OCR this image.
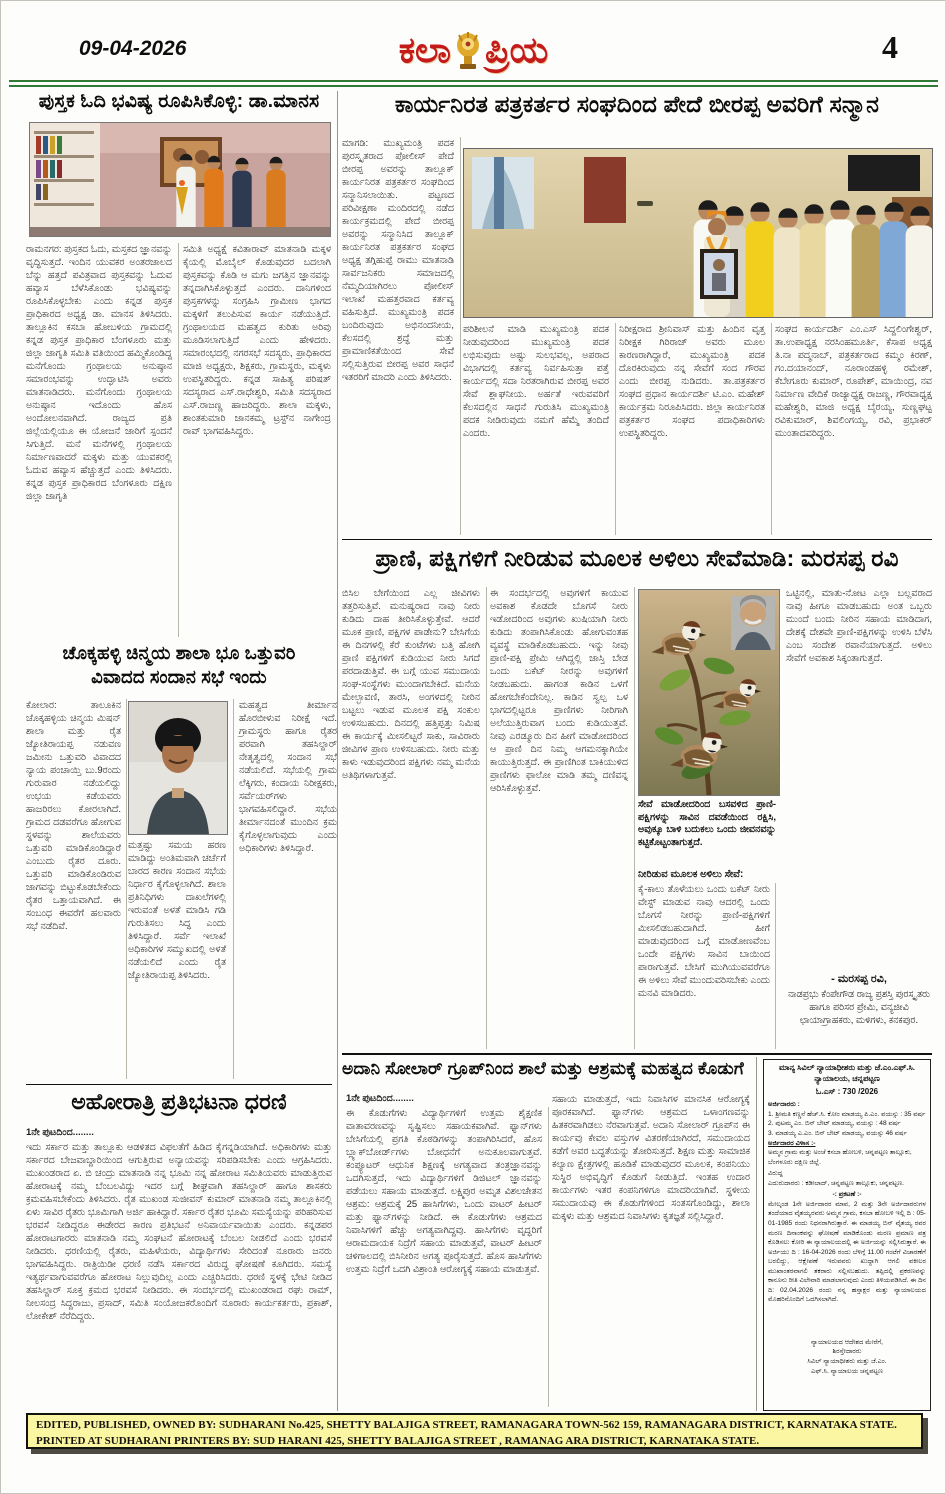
09-04-2026	ಕಲಾ ಪ್ರಿಯ	4
ಪುಸ್ತಕ ಓದಿ ಭವಿಷ್ಯ ರೂಪಿಸಿಕೊಳ್ಳಿ: ಡಾ.ಮಾನಸ
ರಾಮನಗರ: ಪುಸ್ತಕದ ಓದು, ಮಸ್ತಕದ ಜ್ಞಾನವನ್ನು ವೃದ್ಧಿಸುತ್ತದೆ. ಇಂದಿನ ಯುವಕರ ಅಂತರಜಾಲದ ಬೆನ್ನು ಹತ್ತದೆ ಪವಿತ್ರವಾದ ಪುಸ್ತಕವನ್ನು ಓದುವ ಹವ್ಯಾಸ ಬೆಳೆಸಿಕೊಂಡು ಭವಿಷ್ಯವನ್ನು ರೂಪಿಸಿಕೊಳ್ಳಬೇಕು ಎಂದು ಕನ್ನಡ ಪುಸ್ತಕ ಪ್ರಾಧಿಕಾರದ ಅಧ್ಯಕ್ಷ ಡಾ. ಮಾನಸ ತಿಳಿಸಿದರು. ತಾಲ್ಲೂಕಿನ ಕಸಬಾ ಹೋಬಳಿಯ ಗ್ರಾಮದಲ್ಲಿ ಕನ್ನಡ ಪುಸ್ತಕ ಪ್ರಾಧಿಕಾರ ಬೆಂಗಳೂರು ಮತ್ತು ಜಿಲ್ಲಾ ಜಾಗೃತಿ ಸಮಿತಿ ವತಿಯಿಂದ ಹಮ್ಮಿಕೊಂಡಿದ್ದ ಮನೆಗೊಂದು ಗ್ರಂಥಾಲಯ ಅನುಷ್ಠಾನ ಸಮಾರಂಭವನ್ನು ಉದ್ಘಾಟಿಸಿ ಅವರು ಮಾತನಾಡಿದರು. ಮನೆಗೊಂದು ಗ್ರಂಥಾಲಯ ಅನುಷ್ಠಾನ ಇದೊಂದು ಹೊಸ ಅಂದೋಲನವಾಗಿದೆ. ರಾಜ್ಯದ ಪ್ರತಿ ಜಿಲ್ಲೆಯಲ್ಲಿಯೂ ಈ ಯೋಜನೆ ಜಾರಿಗೆ ಸ್ಪಂದನೆ ಸಿಗುತ್ತಿದೆ. ಮನೆ ಮನೆಗಳಲ್ಲಿ ಗ್ರಂಥಾಲಯ ನಿರ್ಮಾಣವಾದರೆ ಮಕ್ಕಳು ಮತ್ತು ಯುವಕರಲ್ಲಿ ಓದುವ ಹವ್ಯಾಸ ಹೆಚ್ಚುತ್ತದೆ ಎಂದು ತಿಳಿಸಿದರು. ಕನ್ನಡ ಪುಸ್ತಕ ಪ್ರಾಧಿಕಾರದ ಬೆಂಗಳೂರು ದಕ್ಷಿಣ ಜಿಲ್ಲಾ ಜಾಗೃತಿ
ಸಮಿತಿ ಅಧ್ಯಕ್ಷೆ ಕವಿತಾರಾವ್ ಮಾತನಾಡಿ ಮಕ್ಕಳ ಕೈಯಲ್ಲಿ ಮೊಬೈಲ್ ಕೊಡುವುದರ ಬದಲಾಗಿ ಪುಸ್ತಕವನ್ನು ಕೊಡಿ ಆ ಮಗು ಜಗತ್ತಿನ ಜ್ಞಾನವನ್ನು ತನ್ನದಾಗಿಸಿಕೊಳ್ಳುತ್ತದೆ ಎಂದರು. ದಾನಿಗಳಿಂದ ಪುಸ್ತಕಗಳನ್ನು ಸಂಗ್ರಹಿಸಿ ಗ್ರಾಮೀಣ ಭಾಗದ ಮಕ್ಕಳಿಗೆ ತಲುಪಿಸುವ ಕಾರ್ಯ ನಡೆಯುತ್ತಿದೆ. ಗ್ರಂಥಾಲಯದ ಮಹತ್ವದ ಕುರಿತು ಅರಿವು ಮೂಡಿಸಲಾಗುತ್ತಿದೆ ಎಂದು ಹೇಳಿದರು. ಸಮಾರಂಭದಲ್ಲಿ ನಗರಸಭೆ ಸದಸ್ಯರು, ಪ್ರಾಧಿಕಾರದ ಮಾಜಿ ಅಧ್ಯಕ್ಷರು, ಶಿಕ್ಷಕರು, ಗ್ರಾಮಸ್ಥರು, ಮಕ್ಕಳು ಉಪಸ್ಥಿತರಿದ್ದರು. ಕನ್ನಡ ಸಾಹಿತ್ಯ ಪರಿಷತ್ ಸದಸ್ಯರಾದ ಎಸ್.ರಾಧೇಶ್ವರಿ, ಸಮಿತಿ ಸದಸ್ಯರಾದ ಎಸ್.ರಾಜಣ್ಣ ಹಾಜರಿದ್ದರು. ಶಾಲಾ ಮಕ್ಕಳು, ಶಾಂತಕುಮಾರಿ ಜಾನಕಮ್ಮ ಟ್ರಸ್ಟ್‌ನ ನಾಗೇಂದ್ರ ರಾವ್ ಭಾಗವಹಿಸಿದ್ದರು.
ಚೊಕ್ಕಹಳ್ಳಿ ಚಿನ್ಮಯ ಶಾಲಾ ಭೂ ಒತ್ತುವರಿ
ವಿವಾದದ ಸಂದಾನ ಸಭೆ ಇಂದು
ಕೋಲಾರ: ತಾಲೂಕಿನ ಚೊಕ್ಕಹಳ್ಳಿಯ ಚಿನ್ಮಯ ಮಿಷನ್ ಶಾಲಾ ಮತ್ತು ರೈತ ಜ್ಯೋತಿರಾಯಪ್ಪ ನಡುವಣ ಜಮೀನು ಒತ್ತುವರಿ ವಿವಾದದ ನ್ಯಾಯ ಪಂಚಾಯ್ತಿ ಬು.9ರಂದು ಗುರುವಾರ ನಡೆಯಲಿದ್ದು ಉಭಯ ಕಡೆಯವರು ಹಾಜರಿರಲು ಕೋರಲಾಗಿದೆ. ಗ್ರಾಮದ ದಡವರೆಗೂ ಹೋಗುವ ಸ್ಥಳವನ್ನು ಶಾಲೆಯವರು ಒತ್ತುವರಿ ಮಾಡಿಕೊಂಡಿದ್ದಾರೆ ಎಂಬುದು ರೈತರ ದೂರು. ಒತ್ತುವರಿ ಮಾಡಿಕೊಂಡಿರುವ ಜಾಗವನ್ನು ಬಿಟ್ಟುಕೊಡಬೇಕೆಂದು ರೈತರ ಒತ್ತಾಯವಾಗಿದೆ. ಈ ಸಂಬಂಧ ಈವರೆಗೆ ಹಲವಾರು ಸಭೆ ನಡೆದಿವೆ.
ಮತ್ತಷ್ಟು ಸಮಯ ಹರಣ ಮಾಡಿದ್ದು ಅಂತಿಮವಾಗಿ ಚರ್ಚೆಗೆ ಬಾರದ ಕಾರಣ ಸಂದಾನ ಸಭೆಯ ನಿರ್ಧಾರ ಕೈಗೊಳ್ಳಲಾಗಿದೆ. ಶಾಲಾ ಪ್ರತಿನಿಧಿಗಳು ದಾಖಲೆಗಳಲ್ಲಿ ಇರುವಂತೆ ಅಳತೆ ಮಾಡಿಸಿ ಗಡಿ ಗುರುತಿಸಲು ಸಿದ್ಧ ಎಂದು ತಿಳಿಸಿದ್ದಾರೆ. ಸರ್ವೆ ಇಲಾಖೆ ಅಧಿಕಾರಿಗಳ ಸಮ್ಮುಖದಲ್ಲಿ ಅಳತೆ ನಡೆಯಲಿದೆ ಎಂದು ರೈತ ಜ್ಯೋತಿರಾಯಪ್ಪ ತಿಳಿಸಿದರು.
ಮಹತ್ವದ ತೀರ್ಮಾನ ಹೊರಬೀಳುವ ನಿರೀಕ್ಷೆ ಇದೆ. ಗ್ರಾಮಸ್ಥರು ಹಾಗೂ ರೈತರ ಪರವಾಗಿ ತಹಸಿಲ್ದಾರ್ ನೇತೃತ್ವದಲ್ಲಿ ಸಂದಾನ ಸಭೆ ನಡೆಯಲಿದೆ. ಸಭೆಯಲ್ಲಿ ಗ್ರಾಮ ಲೆಕ್ಕಿಗರು, ಕಂದಾಯ ನಿರೀಕ್ಷಕರು, ಸರ್ವೆಯರ್‌ಗಳು ಭಾಗವಹಿಸಲಿದ್ದಾರೆ. ಸಭೆಯ ತೀರ್ಮಾನದಂತೆ ಮುಂದಿನ ಕ್ರಮ ಕೈಗೊಳ್ಳಲಾಗುವುದು ಎಂದು ಅಧಿಕಾರಿಗಳು ತಿಳಿಸಿದ್ದಾರೆ.
ಅಹೋರಾತ್ರಿ ಪ್ರತಿಭಟನಾ ಧರಣಿ
1ನೇ ಪುಟದಿಂದ........
ಇದು ಸರ್ಕಾರ ಮತ್ತು ತಾಲ್ಲೂಕು ಆಡಳಿತದ ವಿಫಲತೆಗೆ ಹಿಡಿದ ಕೈಗನ್ನಡಿಯಾಗಿದೆ. ಅಧಿಕಾರಿಗಳು ಮತ್ತು ಸರ್ಕಾರದ ಬೇಜವಾಬ್ದಾರಿಯಿಂದ ಆಗುತ್ತಿರುವ ಅನ್ಯಾಯವನ್ನು ಸರಿಪಡಿಸಬೇಕು ಎಂದು ಆಗ್ರಹಿಸಿದರು. ಮುಖಂಡರಾದ ಏ. ಬಿ ಚಂದ್ರು ಮಾತನಾಡಿ ನನ್ನ ಭೂಮಿ ನನ್ನ ಹೋರಾಟ ಸಮಿತಿಯವರು ಮಾಡುತ್ತಿರುವ ಹೋರಾಟಕ್ಕೆ ನಮ್ಮ ಬೆಂಬಲವಿದ್ದು ಇದರ ಬಗ್ಗೆ ಶೀಘ್ರವಾಗಿ ತಹಸಿಲ್ದಾರ್ ಹಾಗೂ ಶಾಸಕರು ಕ್ರಮವಹಿಸಬೇಕೆಂದು ತಿಳಿಸಿದರು. ರೈತ ಮುಖಂಡ ಸುಜೀವನ್ ಕುಮಾರ್ ಮಾತನಾಡಿ ನಮ್ಮ ತಾಲ್ಲೂಕಿನಲ್ಲಿ ಏಳು ಸಾವಿರ ರೈತರು ಭೂಮಿಗಾಗಿ ಅರ್ಜಿ ಹಾಕಿದ್ದಾರೆ. ಸರ್ಕಾರ ರೈತರ ಭೂಮಿ ಸಮಸ್ಯೆಯನ್ನು ಪರಿಹರಿಸುವ ಭರವಸೆ ನೀಡಿದ್ದರೂ ಈಡೇರದ ಕಾರಣ ಪ್ರತಿಭಟನೆ ಅನಿವಾರ್ಯವಾಯಿತು ಎಂದರು. ಕನ್ನಡಪರ ಹೋರಾಟಗಾರರು ಮಾತನಾಡಿ ನಮ್ಮ ಸಂಘಟನೆ ಹೋರಾಟಕ್ಕೆ ಬೆಂಬಲ ನೀಡಲಿದೆ ಎಂದು ಭರವಸೆ ನೀಡಿದರು. ಧರಣಿಯಲ್ಲಿ ರೈತರು, ಮಹಿಳೆಯರು, ವಿದ್ಯಾರ್ಥಿಗಳು ಸೇರಿದಂತೆ ನೂರಾರು ಜನರು ಭಾಗವಹಿಸಿದ್ದರು. ರಾತ್ರಿಯಿಡೀ ಧರಣಿ ನಡೆಸಿ ಸರ್ಕಾರದ ವಿರುದ್ಧ ಘೋಷಣೆ ಕೂಗಿದರು. ಸಮಸ್ಯೆ ಇತ್ಯರ್ಥವಾಗುವವರೆಗೂ ಹೋರಾಟ ನಿಲ್ಲುವುದಿಲ್ಲ ಎಂದು ಎಚ್ಚರಿಸಿದರು. ಧರಣಿ ಸ್ಥಳಕ್ಕೆ ಭೇಟಿ ನೀಡಿದ ತಹಸಿಲ್ದಾರ್ ಸೂಕ್ತ ಕ್ರಮದ ಭರವಸೆ ನೀಡಿದರು. ಈ ಸಂದರ್ಭದಲ್ಲಿ ಮುಖಂಡರಾದ ರಘು ರಾಮ್, ನೀಲಸಂದ್ರ ಸಿದ್ದರಾಜು, ಪ್ರಸಾದ್, ಸಮಿತಿ ಸಂಯೋಜಕರೊಂದಿಗೆ ನೂರಾರು ಕಾರ್ಯಕರ್ತರು, ಪ್ರಕಾಶ್, ಲೋಕೇಶ್ ನೆರೆದಿದ್ದರು.
ಕಾರ್ಯನಿರತ ಪತ್ರಕರ್ತರ ಸಂಘದಿಂದ ಪೇದೆ ಬೀರಪ್ಪ ಅವರಿಗೆ ಸನ್ಮಾನ
ಮಾಗಡಿ: ಮುಖ್ಯಮಂತ್ರಿ ಪದಕ ಪುರಸ್ಕೃತರಾದ ಪೋಲೀಸ್ ಪೇದೆ ಬೀರಪ್ಪ ಅವರನ್ನು ತಾಲ್ಲೂಕ್ ಕಾರ್ಯನಿರತ ಪತ್ರಕರ್ತರ ಸಂಘದಿಂದ ಸನ್ಮಾನಿಸಲಾಯಿತು. ಪಟ್ಟಣದ ಪರಿವೀಕ್ಷಣಾ ಮಂದಿರದಲ್ಲಿ ನಡೆದ ಕಾರ್ಯಕ್ರಮದಲ್ಲಿ ಪೇದೆ ಬೀರಪ್ಪ ಅವರನ್ನು ಸನ್ಮಾನಿಸಿದ ತಾಲ್ಲೂಕ್ ಕಾರ್ಯನಿರತ ಪತ್ರಕರ್ತರ ಸಂಘದ ಅಧ್ಯಕ್ಷ ತಗ್ಗಿಹುಪ್ಪೆ ರಾಮು ಮಾತನಾಡಿ ಸಾರ್ವಜನಿಕರು ಸಮಾಜದಲ್ಲಿ ನೆಮ್ಮದಿಯಾಗಿರಲು ಪೋಲೀಸ್ ಇಲಾಖೆ ಮಹತ್ತರವಾದ ಕರ್ತವ್ಯ ವಹಿಸುತ್ತಿದೆ. ಮುಖ್ಯಮಂತ್ರಿ ಪದಕ ಬಂದಿರುವುದು ಅಭಿನಂದನೀಯ, ಕೆಲಸದಲ್ಲಿ ಶ್ರದ್ಧೆ ಮತ್ತು ಪ್ರಾಮಾಣಿಕತೆಯಿಂದ ಸೇವೆ ಸಲ್ಲಿಸುತ್ತಿರುವ ಬೀರಪ್ಪ ಅವರ ಸಾಧನೆ ಇತರರಿಗೆ ಮಾದರಿ ಎಂದು ತಿಳಿಸಿದರು.
ಪರಿಶೀಲನೆ ಮಾಡಿ ಮುಖ್ಯಮಂತ್ರಿ ಪದಕ ನೀಡುವುದರಿಂದ ಮುಖ್ಯಮಂತ್ರಿ ಪದಕ ಲಭಿಸುವುದು ಅಷ್ಟು ಸುಲಭವಲ್ಲ, ಅಪರಾದ ವಿಭಾಗದಲ್ಲಿ ಕರ್ತವ್ಯ ನಿರ್ವಹಿಸುತ್ತಾ ಪತ್ತೆ ಕಾರ್ಯದಲ್ಲಿ ಸದಾ ನಿರತರಾಗಿರುವ ಬೀರಪ್ಪ ಅವರ ಸೇವೆ ಶ್ಲಾಘನೀಯ. ಅರ್ಹತೆ ಇರುವವರಿಗೆ ಕೆಲಸದಲ್ಲಿನ ಸಾಧನೆ ಗುರುತಿಸಿ ಮುಖ್ಯಮಂತ್ರಿ ಪದಕ ನೀಡಿರುವುದು ನಮಗೆ ಹೆಮ್ಮೆ ತಂದಿದೆ ಎಂದರು.
ನಿರೀಕ್ಷರಾದ ಶ್ರೀನಿವಾಸ್ ಮತ್ತು ಹಿಂದಿನ ವೃತ್ತ ನಿರೀಕ್ಷಕ ಗಿರಿರಾಜ್ ಅವರು ಮೂಲ ಕಾರಣರಾಗಿದ್ದಾರೆ, ಮುಖ್ಯಮಂತ್ರಿ ಪದಕ ದೊರಕಿರುವುದು ನನ್ನ ಸೇವೆಗೆ ಸಂದ ಗೌರವ ಎಂದು ಬೀರಪ್ಪ ನುಡಿದರು. ತಾ.ಪತ್ರಕರ್ತರ ಸಂಘದ ಪ್ರಧಾನ ಕಾರ್ಯದರ್ಶಿ ಟಿ.ಎಂ. ಮಹೇಶ್ ಕಾರ್ಯಕ್ರಮ ನಿರೂಪಿಸಿದರು. ಜಿಲ್ಲಾ ಕಾರ್ಯನಿರತ ಪತ್ರಕರ್ತರ ಸಂಘದ ಪದಾಧಿಕಾರಿಗಳು ಉಪಸ್ಥಿತರಿದ್ದರು.
ಸಂಘದ ಕಾರ್ಯದರ್ಶಿ ಎಂ.ಎಸ್ ಸಿದ್ದಲಿಂಗೇಶ್ವರ್, ತಾ.ಉಪಾಧ್ಯಕ್ಷ ನರಸಿಂಹಮೂರ್ತಿ, ಕೆಸಾಪ ಅಧ್ಯಕ್ಷ ತಿ.ನಾ ಪದ್ಮನಾಬ್, ಪತ್ರಕರ್ತರಾದ ಕಮ್ಮಂ ಕಿರಣ್, ಗಂ.ದಯಾನಂದ್, ನೂರಾಂಡಹಳ್ಳಿ ರಮೇಶ್, ಕೆಬೇಗೂರು ಕುಮಾರ್, ರೂಪೇಶ್, ಮಾಯಿಂದ್ರ, ನವ ನಿರ್ಮಾಣ ವೇದಿಕೆ ರಾಜ್ಯಾಧ್ಯಕ್ಷ ರಾಜಣ್ಣ, ಗೌರವಾಧ್ಯಕ್ಷ ಮಹೇಶ್ವರಿ, ಮಾಜಿ ಅಧ್ಯಕ್ಷ ಬೈರಯ್ಯ, ಸುಣ್ಣಘಟ್ಟ ರವಿಕುಮಾರ್, ಶಿವಲಿಂಗಯ್ಯ, ರವಿ, ಪ್ರಭಾಕರ್ ಮುಂತಾದವರಿದ್ದರು.
ಪ್ರಾಣಿ, ಪಕ್ಷಿಗಳಿಗೆ ನೀರಿಡುವ ಮೂಲಕ ಅಳಿಲು ಸೇವೆಮಾಡಿ: ಮರಸಪ್ಪ ರವಿ
ಬಿಸಿಲ ಬೇಗೆಯಿಂದ ಎಲ್ಲ ಜೀವಿಗಳು ತತ್ತರಿಸುತ್ತಿವೆ. ಮನುಷ್ಯರಾದ ನಾವು ನೀರು ಕುಡಿದು ದಾಹ ತೀರಿಸಿಕೊಳ್ಳುತ್ತೇವೆ. ಆದರೆ ಮೂಕ ಪ್ರಾಣಿ, ಪಕ್ಷಿಗಳ ಪಾಡೇನು? ಬೇಸಿಗೆಯ ಈ ದಿನಗಳಲ್ಲಿ ಕೆರೆ ಕುಂಟೆಗಳು ಬತ್ತಿ ಹೋಗಿ ಪ್ರಾಣಿ ಪಕ್ಷಿಗಳಿಗೆ ಕುಡಿಯುವ ನೀರು ಸಿಗದೆ ಪರದಾಡುತ್ತಿವೆ. ಈ ಬಗ್ಗೆ ಯುವ ಸಮುದಾಯ ಸಂಘ-ಸಂಸ್ಥೆಗಳು ಮುಂದಾಗಬೇಕಿದೆ. ಮನೆಯ ಮೇಲ್ಛಾವಣಿ, ತಾರಸಿ, ಅಂಗಳದಲ್ಲಿ ನೀರಿನ ಬಟ್ಟಲು ಇಡುವ ಮೂಲಕ ಪಕ್ಷಿ ಸಂಕುಲ ಉಳಿಸಬಹುದು. ದಿನದಲ್ಲಿ ಹತ್ತಿಪ್ಪತ್ತು ನಿಮಿಷ ಈ ಕಾರ್ಯಕ್ಕೆ ಮೀಸಲಿಟ್ಟರೆ ಸಾಕು, ಸಾವಿರಾರು ಜೀವಿಗಳ ಪ್ರಾಣ ಉಳಿಸಬಹುದು. ನೀರು ಮತ್ತು ಕಾಳು ಇಡುವುದರಿಂದ ಪಕ್ಷಿಗಳು ನಮ್ಮ ಮನೆಯ ಅತಿಥಿಗಳಾಗುತ್ತವೆ.
ಈ ಸಂದರ್ಭದಲ್ಲಿ ಅವುಗಳಿಗೆ ಕಾಯುವ ಅವಕಾಶ ಕೊಡದೇ ಬೊಗಸೆ ನೀರು ಇಡೋದರಿಂದ ಅವುಗಳು ಖುಷಿಯಾಗಿ ನೀರು ಕುಡಿದು ತಂಪಾಗಿಸಿಕೊಂಡು ಹೋಗುವಂತಹ ವ್ಯವಸ್ಥೆ ಮಾಡಿಕೊಡಬಹುದು. ಇನ್ನು ನೀವು ಪ್ರಾಣಿ-ಪಕ್ಷಿ ಪ್ರೇಮಿ ಆಗಿದ್ದಲ್ಲಿ ಜಾಸ್ತಿ ಬೇಡ ಒಂದು ಬಕೆಟ್ ನೀರನ್ನು ಅವುಗಳಿಗೆ ನೀಡಬಹುದು. ಹಾಗಂತ ಕಾಡಿನ ಒಳಗೆ ಹೋಗಬೇಕೆಂದೇನಿಲ್ಲ. ಕಾಡಿನ ಸ್ವಲ್ಪ ಒಳ ಭಾಗದಲ್ಲಿಟ್ಟರೂ ಪ್ರಾಣಿಗಳು ನೀರಿಗಾಗಿ ಅಲೆಯುತ್ತಿರುವಾಗ ಬಂದು ಕುಡಿಯುತ್ತವೆ. ನೀವು ಎರಡ್ಮೂರು ದಿನ ಹೀಗೆ ಮಾಡೋದರಿಂದ ಆ ಪ್ರಾಣಿ ದಿನ ನಿಮ್ಮ ಆಗಮನಕ್ಕಾಗಿಯೇ ಕಾಯುತ್ತಿರುತ್ತದೆ. ಈ ಪ್ರಾಣಿಗಿಂತ ಬಾಕಿಯುಳಿದ ಪ್ರಾಣಿಗಳು ಫಾಲೋ ಮಾಡಿ ತಮ್ಮ ದಣಿವನ್ನ ಆರಿಸಿಕೊಳ್ಳುತ್ತವೆ.
ಸೇವೆ ಮಾಡೋದರಿಂದ ಬಸವಳಿದ ಪ್ರಾಣಿ-ಪಕ್ಷಿಗಳನ್ನು ಸಾವಿನ ದವಡೆಯಿಂದ ರಕ್ಷಿಸಿ, ಅವುಕ್ಕೂ ಬಾಳಿ ಬದುಕಲು ಒಂದು ಜೀವನವನ್ನು ಕಟ್ಟಿಕೊಟ್ಟಂತಾಗುತ್ತದೆ.
ನೀರಿಡುವ ಮೂಲಕ ಅಳಿಲು ಸೇವೆ:
ಕೈ-ಕಾಲು ತೊಳೆಯಲು ಒಂದು ಬಕೆಟ್ ನೀರು ವೇಸ್ಟ್ ಮಾಡುವ ನಾವು ಆದರಲ್ಲಿ ಒಂದು ಬೊಗಸೆ ನೀರನ್ನು ಪ್ರಾಣಿ-ಪಕ್ಷಿಗಳಿಗೆ ಮೀಸಲಿಡಬಹುದಾಗಿದೆ. ಹೀಗೆ ಮಾಡುವುದರಿಂದ ಒಗ್ಗೆ ಮಾಡೋಣವೆಂಬ ಒಂದೇ ಪಕ್ಷಿಗಳು ಸಾವಿನ ಬಾಯಿಂದ ಪಾರಾಗುತ್ತವೆ. ಬೇಸಿಗೆ ಮುಗಿಯುವವರೆಗೂ ಈ ಅಳಿಲು ಸೇವೆ ಮುಂದುವರಿಸಬೇಕು ಎಂದು ಮನವಿ ಮಾಡಿದರು.
ಒಟ್ಟಿನಲ್ಲಿ, ಮಾತು-ನೋಟ ಎಲ್ಲಾ ಬಲ್ಲವರಾದ ನಾವು ಹೀಗೂ ಮಾಡಬಹುದು ಅಂತ ಒಬ್ಬರು ಮುಂದೆ ಬಂದು ನೀರಿನ ಸಹಾಯ ಮಾಡಿದಾಗ, ದೇಶಕ್ಕೆ ದೇಶವೇ ಪ್ರಾಣಿ-ಪಕ್ಷಿಗಳನ್ನು ಉಳಿಸಿ ಬೆಳೆಸಿ ಎಂಬ ಸಂದೇಶ ರವಾನೆಯಾಗುತ್ತದೆ. ಅಳಿಲು ಸೇವೆಗೆ ಅವಕಾಶ ಸಿಕ್ಕಂತಾಗುತ್ತದೆ.
- ಮರಸಪ್ಪ ರವಿ,
ನಾಡಪ್ರಭು ಕೆಂಪೇಗೌಡ ರಾಜ್ಯ ಪ್ರಶಸ್ತಿ ಪುರಸ್ಕೃತರು ಹಾಗೂ ಪರಿಸರ ಪ್ರೇಮಿ, ವನ್ಯಜೀವಿ ಛಾಯಾಗ್ರಾಹಕರು, ಮಳಿಗಳು, ಕನಕಪುರ.
ಅದಾನಿ ಸೋಲಾರ್ ಗ್ರೂಪ್‌ನಿಂದ ಶಾಲೆ ಮತ್ತು ಆಶ್ರಮಕ್ಕೆ ಮಹತ್ವದ ಕೊಡುಗೆ
1ನೇ ಪುಟದಿಂದ........
ಈ ಕೊಡುಗೆಗಳು ವಿದ್ಯಾರ್ಥಿಗಳಿಗೆ ಉತ್ತಮ ಶೈಕ್ಷಣಿಕ ವಾತಾವರಣವನ್ನು ಸೃಷ್ಟಿಸಲು ಸಹಾಯಕವಾಗಿವೆ. ಫ್ಯಾನ್‌ಗಳು ಬೇಸಿಗೆಯಲ್ಲಿ ಪ್ರಗತಿ ಕೊಠಡಿಗಳನ್ನು ತಂಪಾಗಿರಿಸಿದರೆ, ಹೊಸ ಬ್ಲ್ಯಾಕ್‌ಬೋರ್ಡ್‌ಗಳು ಬೋಧನೆಗೆ ಅನುಕೂಲವಾಗುತ್ತವೆ. ಕಂಪ್ಯೂಟರ್ ಆಧುನಿಕ ಶಿಕ್ಷಣಕ್ಕೆ ಅಗತ್ಯವಾದ ತಂತ್ರಜ್ಞಾನವನ್ನು ಒದಗಿಸುತ್ತದೆ, ಇದು ವಿದ್ಯಾರ್ಥಿಗಳಿಗೆ ಡಿಜಿಟಲ್ ಜ್ಞಾನವನ್ನು ಪಡೆಯಲು ಸಹಾಯ ಮಾಡುತ್ತದೆ. ಲಕ್ಷ್ಮಿಪುರ ಅಮೃತ ವಿಶಲಚೇತನ ಆಶ್ರಮ: ಆಶ್ರಮಕ್ಕೆ 25 ಹಾಸಿಗೆಗಳು, ಒಂದು ವಾಟರ್ ಹೀಟರ್ ಮತ್ತು ಫ್ಯಾನ್‌ಗಳನ್ನು ನೀಡಿದೆ. ಈ ಕೊಡುಗೆಗಳು ಆಶ್ರಮದ ನಿವಾಸಿಗಳಿಗೆ ಹೆಚ್ಚು ಅಗತ್ಯವಾಗಿದ್ದವು. ಹಾಸಿಗೆಗಳು ವೃದ್ಧರಿಗೆ ಆರಾಮದಾಯಕ ನಿದ್ರೆಗೆ ಸಹಾಯ ಮಾಡುತ್ತವೆ, ವಾಟರ್ ಹೀಟರ್ ಚಳಿಗಾಲದಲ್ಲಿ ಬಿಸಿನೀರಿನ ಅಗತ್ಯ ಪೂರೈಸುತ್ತದೆ. ಹೊಸ ಹಾಸಿಗೆಗಳು ಉತ್ತಮ ನಿದ್ರೆಗೆ ಒದಗಿ ವಿಶ್ರಾಂತಿ ಆರೋಗ್ಯಕ್ಕೆ ಸಹಾಯ ಮಾಡುತ್ತವೆ.
ಸಹಾಯ ಮಾಡುತ್ತದೆ, ಇದು ನಿವಾಸಿಗಳ ಮಾನಸಿಕ ಆರೋಗ್ಯಕ್ಕೆ ಪೂರಕವಾಗಿದೆ. ಫ್ಯಾನ್‌ಗಳು ಆಶ್ರಮದ ಒಳಾಂಗಣವನ್ನು ಹಿತಕರವಾಗಿಡಲು ನೆರವಾಗುತ್ತವೆ. ಅದಾನಿ ಸೋಲಾರ್ ಗ್ರೂಪ್‌ನ ಈ ಕಾರ್ಯವು ಕೇವಲ ವಸ್ತುಗಳ ವಿತರಣೆಯಾಗಿರದೆ, ಸಮುದಾಯದ ಕಡೆಗೆ ಅವರ ಬದ್ಧತೆಯನ್ನು ತೋರಿಸುತ್ತದೆ. ಶಿಕ್ಷಣ ಮತ್ತು ಸಾಮಾಜಿಕ ಕಲ್ಯಾಣ ಕ್ಷೇತ್ರಗಳಲ್ಲಿ ಹೂಡಿಕೆ ಮಾಡುವುದರ ಮೂಲಕ, ಕಂಪನಿಯು ಸುಸ್ಥಿರ ಅಭಿವೃದ್ಧಿಗೆ ಕೊಡುಗೆ ನೀಡುತ್ತಿದೆ. ಇಂತಹ ಉದಾರ ಕಾರ್ಯಗಳು ಇತರ ಕಂಪನಿಗಳಿಗೂ ಮಾದರಿಯಾಗಿವೆ. ಸ್ಥಳೀಯ ಸಮುದಾಯವು ಈ ಕೊಡುಗೆಗಳಿಂದ ಸಂತಸಗೊಂಡಿದ್ದು, ಶಾಲಾ ಮಕ್ಕಳು ಮತ್ತು ಆಶ್ರಮದ ನಿವಾಸಿಗಳು ಕೃತಜ್ಞತೆ ಸಲ್ಲಿಸಿದ್ದಾರೆ.
ಮಾನ್ಯ ಸಿವಿಲ್ ನ್ಯಾಯಾಧೀಶರು ಮತ್ತು ಜೆ.ಎಂ.ಎಫ್.ಸಿ. ನ್ಯಾಯಾಲಯ, ಚನ್ನಪಟ್ಟಣ
ಓ.ಎಸ್ : 730 /2026
ಅರ್ಜಿದಾರರು :
1. ಶ್ರೀಮತಿ ಕಣ್ಣನೆ ಹೆಚ್.ಸಿ. ಕೋಂ ಮಾಡಯ್ಯ ಪಿ.ಎಂ. ವಯಸ್ಸು : 35 ವರ್ಷ
2. ಪುಟಮ್ಮ ಎಂ. ಬಿನ್ ಬೇಟ್ ಮಾಡಯ್ಯ, ವಯಸ್ಸು : 48 ವರ್ಷ
3. ಮಾಡಯ್ಯ ಎ.ಎಂ. ಬಿನ್ ಬೇಟ್ ಮಾಡಯ್ಯ, ವಯಸ್ಸು 46 ವರ್ಷ
ಅರ್ಜಿದಾರರ ವಿಳಾಸ :-
ಅಮ್ಮನ ಗ್ರಾಮ ಮತ್ತು ಅಂಚೆ ಕಸಬಾ ಹೋಬಳಿ, ಚನ್ನಪಟ್ಟಣ ತಾಲ್ಲೂಕು, ಬೆಂಗಳೂರು ದಕ್ಷಿಣ ಜಿಲ್ಲೆ.
ವಿರುದ್ದ
ಎದುರುದಾರರು : ಕಡೀಲಾದ್, ಚನ್ನಪಟ್ಟಣ ತಾಲ್ಲೂಕು, ಚನ್ನಪಟ್ಟಣ.
-: ಪ್ರಕಟಣೆ :-
ಮೇಲ್ಕಂಡ 1ನೇ ಅರ್ಜಿದಾರರ ಮಾವ, 2 ಮತ್ತು 3ನೇ ಅರ್ಜಿದಾರರುಗಳ ತಂದೆಯಾದ ವೈತಯ್ಯರವರು ಅಮ್ಮನ ಗ್ರಾಮ, ಕಸಬಾ ಹೋಬಳಿ ಇಲ್ಲಿ ದಿ : 05-01-1985 ರಂದು ನಿಧನರಾಗಿರುತ್ತಾರೆ. ಈ ಮಾಡಯ್ಯ ಬಿನ್ ವೈತಯ್ಯ ರವರ ಮರಣ ದಿನಾಂಕವನ್ನು ಘೋಷಣೆ ಮಾಡಿಕೊಂಡು ಮರಣ ಪ್ರಮಾಣ ಪತ್ರ ಕೊಡಿಸಲು ಕೋರಿ ಈ ನ್ಯಾಯಾಲಯದಲ್ಲಿ ಈ ಅರ್ಜಿಯನ್ನು ಸಲ್ಲಿಸಿರುತ್ತಾರೆ. ಈ ಅರ್ಜಿಯು ದಿ : 16-04-2026 ರಂದು ಬೆಳಿಗ್ಗೆ 11.00 ಗಂಟೆಗೆ ವಿಚಾರಣೆಗೆ ಬರಲಿದ್ದು, ಆಕ್ಷೇಪಣೆ ಇರುವವರು ಖುದ್ದಾಗಿ ಆಗಲಿ ವಕೀಲರ ಮುಖಾಂತರವಾಗಲಿ ತಕರಾರು ಸಲ್ಲಿಸಬಹುದು. ತಪ್ಪಿದಲ್ಲಿ ಪ್ರಕರಣವನ್ನು ಕಾನೂನು ರೀತಿ ವಿಲೇವಾರಿ ಮಾಡಲಾಗುವುದು ಎಂದು ತಿಳಿಯಪಡಿಸಿದೆ. ಈ ದಿನ ದಿ: 02.04.2026 ರಂದು ನನ್ನ ಹಸ್ತಾಕ್ಷರ ಮತ್ತು ನ್ಯಾಯಾಲಯದ ಮೊಹರಿನೊಂದಿಗೆ ಒದಗಿಸಲಾಗಿದೆ.
ನ್ಯಾಯಾಲಯದ ಆದೇಶದ ಮೇರೆಗೆ,
ಶಿರಸ್ತೇದಾರರು
ಸಿವಿಲ್ ನ್ಯಾಯಾಧೀಶರು ಮತ್ತು ಜೆ.ಎಂ.
ಎಫ್.ಸಿ. ನ್ಯಾಯಾಲಯ ಚನ್ನಪಟ್ಟಣ
EDITED, PUBLISHED, OWNED BY: SUDHARANI No.425, SHETTY BALAJIGA STREET, RAMANAGARA TOWN-562 159, RAMANAGARA DISTRICT, KARNATAKA STATE.
PRINTED AT SUDHARANI PRINTERS BY: SUD HARANI 425, SHETTY BALAJIGA STREET , RAMANAG ARA DISTRICT, KARNATAKA STATE.
